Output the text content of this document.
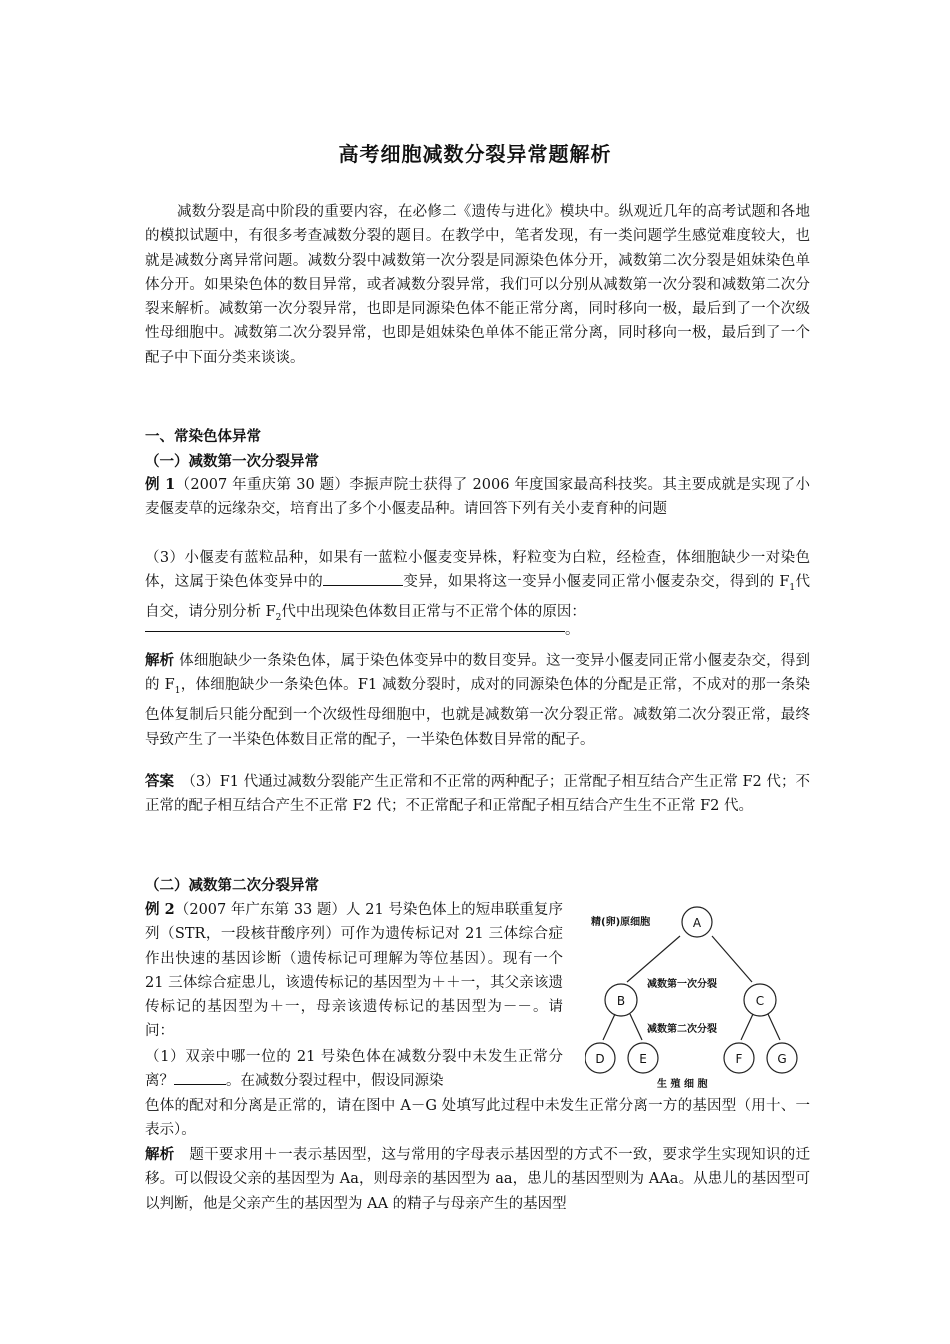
高考细胞减数分裂异常题解析

减数分裂是高中阶段的重要内容，在必修二《遗传与进化》模块中。纵观近几年的高考试题和各地的模拟试题中，有很多考查减数分裂的题目。在教学中，笔者发现，有一类问题学生感觉难度较大，也就是减数分离异常问题。减数分裂中减数第一次分裂是同源染色体分开，减数第二次分裂是姐妹染色单体分开。如果染色体的数目异常，或者减数分裂异常，我们可以分别从减数第一次分裂和减数第二次分裂来解析。减数第一次分裂异常，也即是同源染色体不能正常分离，同时移向一极，最后到了一个次级性母细胞中。减数第二次分裂异常，也即是姐妹染色单体不能正常分离，同时移向一极，最后到了一个配子中下面分类来谈谈。

一、常染色体异常

（一）减数第一次分裂异常

例 1（2007 年重庆第 30 题）李振声院士获得了 2006 年度国家最高科技奖。其主要成就是实现了小麦偃麦草的远缘杂交，培育出了多个小偃麦品种。请回答下列有关小麦育种的问题

（3）小偃麦有蓝粒品种，如果有一蓝粒小偃麦变异株，籽粒变为白粒，经检查，体细胞缺少一对染色体，这属于染色体变异中的	变异，如果将这一变异小偃麦同正常小偃麦杂交，得到的 $F_1$代自交，请分别分析 $F_2$代中出现染色体数目正常与不正常个体的原因：

。

解析 体细胞缺少一条染色体，属于染色体变异中的数目变异。这一变异小偃麦同正常小偃麦杂交，得到的 $F_1$，体细胞缺少一条染色体。F1 减数分裂时，成对的同源染色体的分配是正常，不成对的那一条染色体复制后只能分配到一个次级性母细胞中，也就是减数第一次分裂正常。减数第二次分裂正常，最终导致产生了一半染色体数目正常的配子，一半染色体数目异常的配子。

答案　（3）F1 代通过减数分裂能产生正常和不正常的两种配子；正常配子相互结合产生正常 F2 代；不正常的配子相互结合产生不正常 F2 代；不正常配子和正常配子相互结合产生生不正常 F2 代。

（二）减数第二次分裂异常

例 2（2007 年广东第 33 题）人 21 号染色体上的短串联重复序列（STR，一段核苷酸序列）可作为遗传标记对 21 三体综合症作出快速的基因诊断（遗传标记可理解为等位基因）。现有一个 21 三体综合症患儿，该遗传标记的基因型为＋＋一，其父亲该遗传标记的基因型为＋一，母亲该遗传标记的基因型为－－。请问：

（1）双亲中哪一位的 21 号染色体在减数分裂中未发生正常分离？	。在减数分裂过程中，假设同源染

色体的配对和分离是正常的，请在图中 A－G 处填写此过程中未发生正常分离一方的基因型（用十、一表示）。

解析　题干要求用＋一表示基因型，这与常用的字母表示基因型的方式不一致，要求学生实现知识的迁移。可以假设父亲的基因型为 Aa，则母亲的基因型为 aa，患儿的基因型则为 AAa。从患儿的基因型可以判断，他是父亲产生的基因型为 AA 的精子与母亲产生的基因型

A
B	C
D	E	F	G
精(卵)原细胞
减数第一次分裂
减数第二次分裂
生 殖 细 胞
